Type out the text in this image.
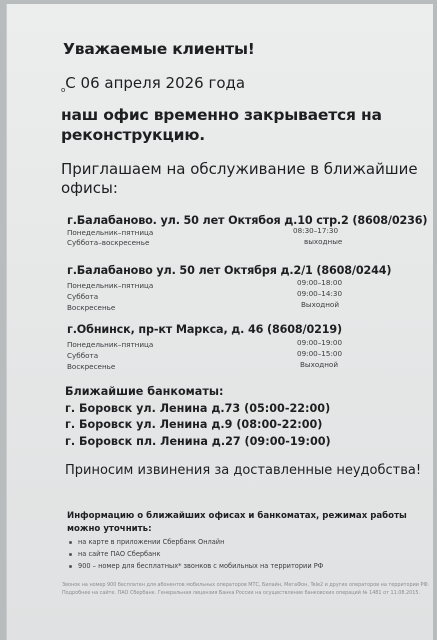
Уважаемые клиенты!
$_o$С 06 апреля 2026 года
наш офис временно закрывается на
реконструкцию.
Приглашаем на обслуживание в ближайшие
офисы:
г.Балабаново. ул. 50 лет Октябоя д.10 стр.2 (8608/0236)
Понедельник–пятница	08:30–17:30
Суббота–воскресенье	выходные
г.Балабаново ул. 50 лет Октября д.2/1 (8608/0244)
Понедельник–пятница	09:00–18:00
Суббота	09:00–14:30
Воскресенье	Выходной
г.Обнинск, пр-кт Маркса, д. 46 (8608/0219)
Понедельник–пятница	09:00–19:00
Суббота	09:00–15:00
Воскресенье	Выходной
Ближайшие банкоматы:
г. Боровск ул. Ленина д.73 (05:00-22:00)
г. Боровск ул. Ленина д.9 (08:00-22:00)
г. Боровск пл. Ленина д.27 (09:00-19:00)
Приносим извинения за доставленные неудобства!
Информацию о ближайших офисах и банкоматах, режимах работы можно уточнить:
на карте в приложении Сбербанк Онлайн
на сайте ПАО Сбербанк
900 – номер для бесплатных* звонков с мобильных на территории РФ
Звонок на номер 900 бесплатен для абонентов мобильных операторов МТС, Билайн, МегаФон, Tele2 и других операторов на территории РФ. Подробнее на сайте. ПАО Сбербанк. Генеральная лицензия Банка России на осуществление банковских операций № 1481 от 11.08.2015.
